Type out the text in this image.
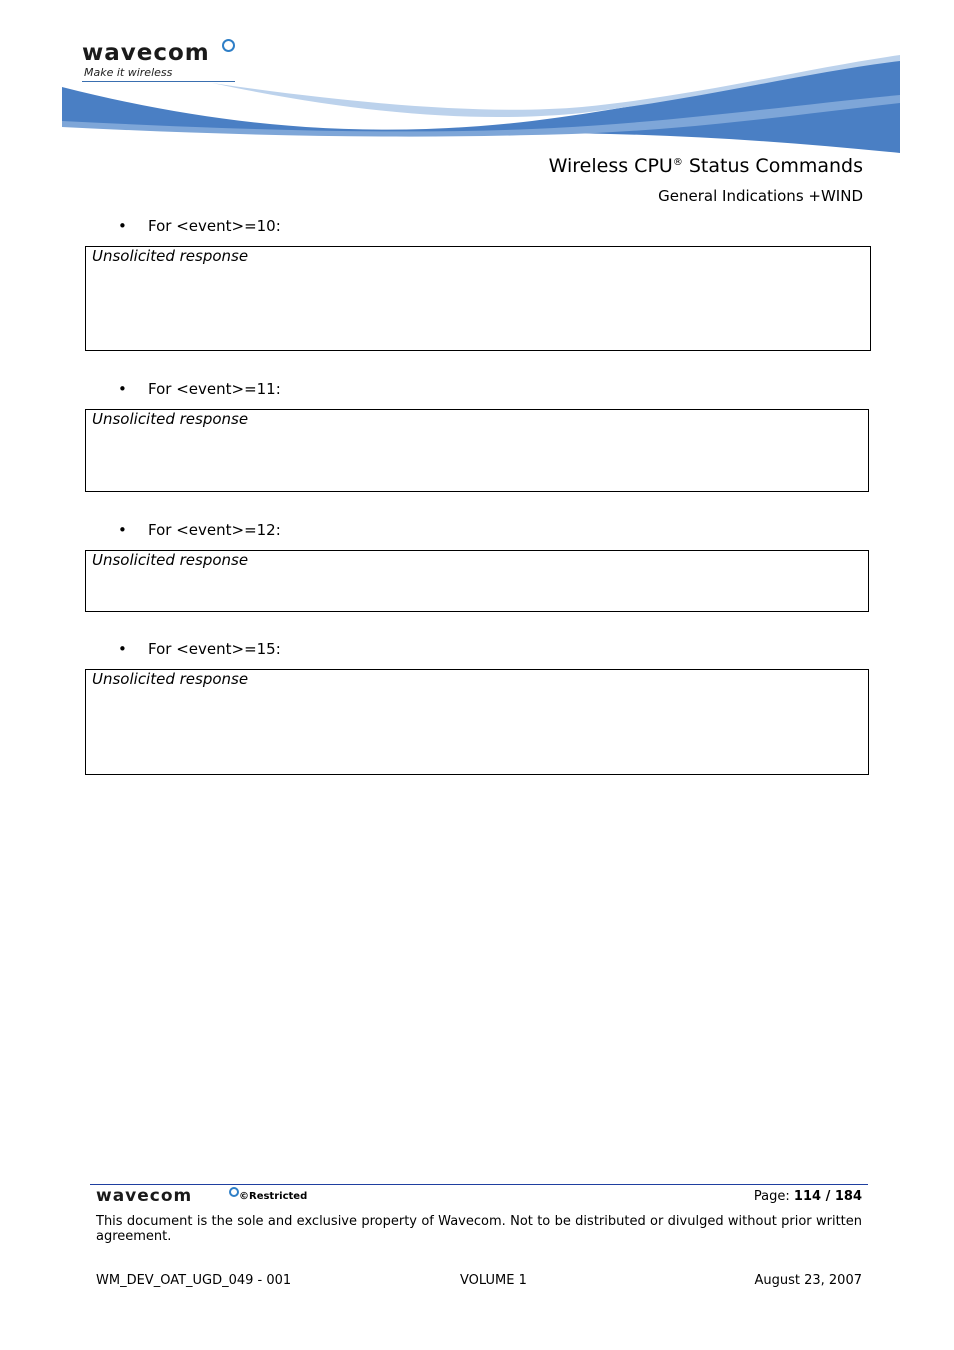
wavecom
Make it wireless
Wireless CPU® Status Commands
General Indications +WIND
• For <event>=10:
Unsolicited response
• For <event>=11:
Unsolicited response
• For <event>=12:
Unsolicited response
• For <event>=15:
Unsolicited response
wavecom	©Restricted	Page: 114 / 184
This document is the sole and exclusive property of Wavecom. Not to be distributed or divulged without prior written agreement.
WM_DEV_OAT_UGD_049 - 001	VOLUME 1	August 23, 2007
